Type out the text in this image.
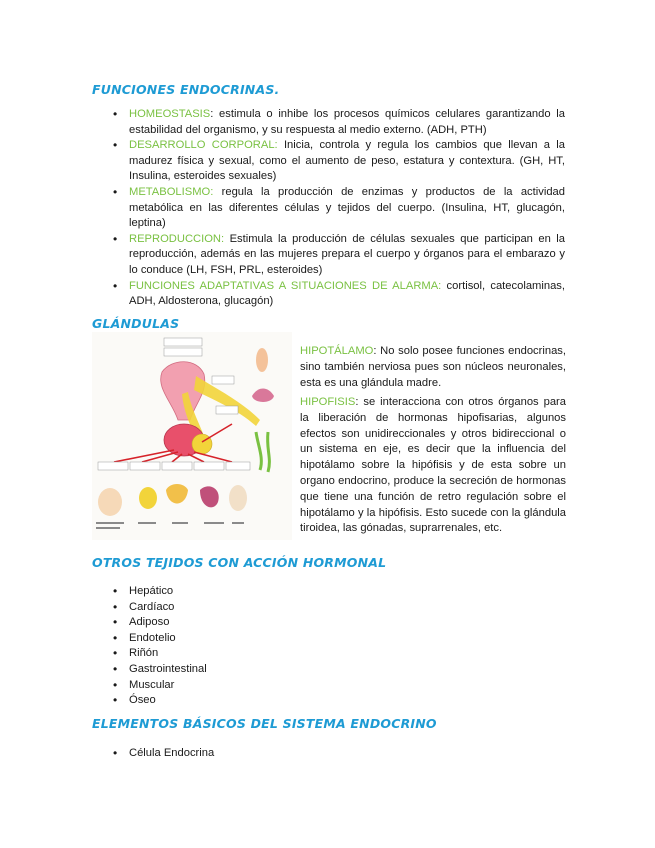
FUNCIONES ENDOCRINAS.
• HOMEOSTASIS: estimula o inhibe los procesos químicos celulares garantizando la estabilidad del organismo, y su respuesta al medio externo. (ADH, PTH)
• DESARROLLO CORPORAL: Inicia, controla y regula los cambios que llevan a la madurez física y sexual, como el aumento de peso, estatura y contextura. (GH, HT, Insulina, esteroides sexuales)
• METABOLISMO: regula la producción de enzimas y productos de la actividad metabólica en las diferentes células y tejidos del cuerpo. (Insulina, HT, glucagón, leptina)
• REPRODUCCION: Estimula la producción de células sexuales que participan en la reproducción, además en las mujeres prepara el cuerpo y órganos para el embarazo y lo conduce (LH, FSH, PRL, esteroides)
• FUNCIONES ADAPTATIVAS A SITUACIONES DE ALARMA: cortisol, catecolaminas, ADH, Aldosterona, glucagón)
GLÁNDULAS

HIPOTÁLAMO: No solo posee funciones endocrinas, sino también nerviosa pues son núcleos neuronales, esta es una glándula madre.

HIPOFISIS: se interacciona con otros órganos para la liberación de hormonas hipofisarias, algunos efectos son unidireccionales y otros bidireccional o un sistema en eje, es decir que la influencia del hipotálamo sobre la hipófisis y de esta sobre un organo endocrino, produce la secreción de hormonas que tiene una función de retro regulación sobre el hipotálamo y la hipófisis. Esto sucede con la glándula tiroidea, las gónadas, suprarrenales, etc.

OTROS TEJIDOS CON ACCIÓN HORMONAL
• Hepático
• Cardíaco
• Adiposo
• Endotelio
• Riñón
• Gastrointestinal
• Muscular
• Óseo
ELEMENTOS BÁSICOS DEL SISTEMA ENDOCRINO
• Célula Endocrina
